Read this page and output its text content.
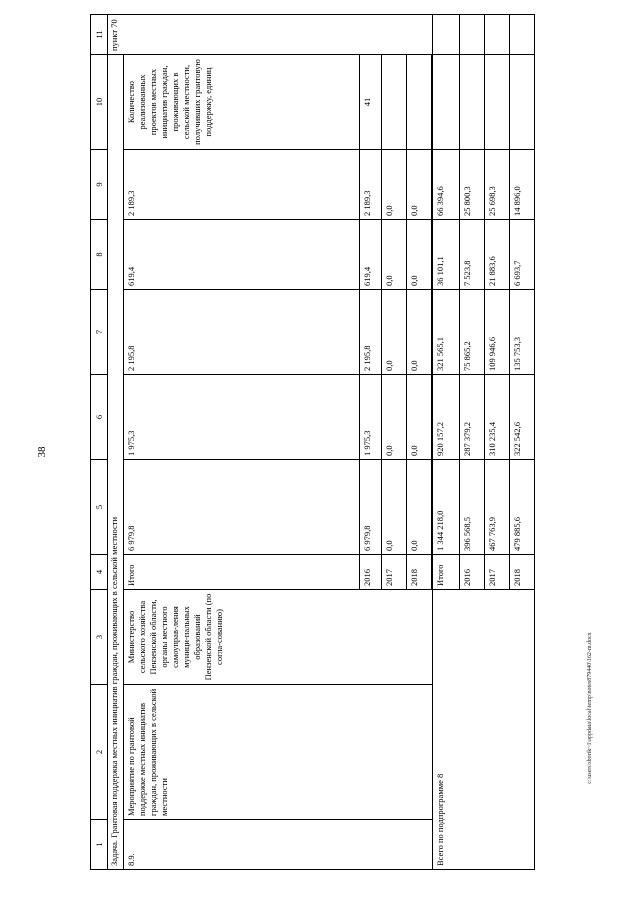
38
c:\users\sborik~1\appdata\local\temp\notes879440\162-m.docx
1	2	3	4	5	6	7	8	9	10	11
Задача. Грантовая поддержка местных инициатив граждан, проживающих в сельской местности										пункт 70
8.9.	Мероприятие по грантовой поддержке местных инициатив граждан, проживающих в сельской местности	Министерство сельского хозяйства Пензенской области, органы местного самоуправ-ления муници-пальных образований Пензенской области (по согла-сованию)	Итого	6 979,8	1 975,3	2 195,8	619,4	2 189,3	Количество реализованных проектов местных инициатив граждан, проживающих в сельской местности, получивших грантовую поддержку, единиц	
			2016	6 979,8	1 975,3	2 195,8	619,4	2 189,3	41	
			2017	0,0	0,0	0,0	0,0	0,0		
			2018	0,0	0,0	0,0	0,0	0,0		

Всего по подпрограмме 8			Итого	1 344 218,0	920 157,2	321 565,1	36 101,1	66 394,6		
			2016	396 568,5	287 379,2	75 865,2	7 523,8	25 800,3		
			2017	467 763,9	310 235,4	109 946,6	21 883,6	25 698,3		
			2018	479 885,6	322 542,6	135 753,3	6 693,7	14 896,0		
